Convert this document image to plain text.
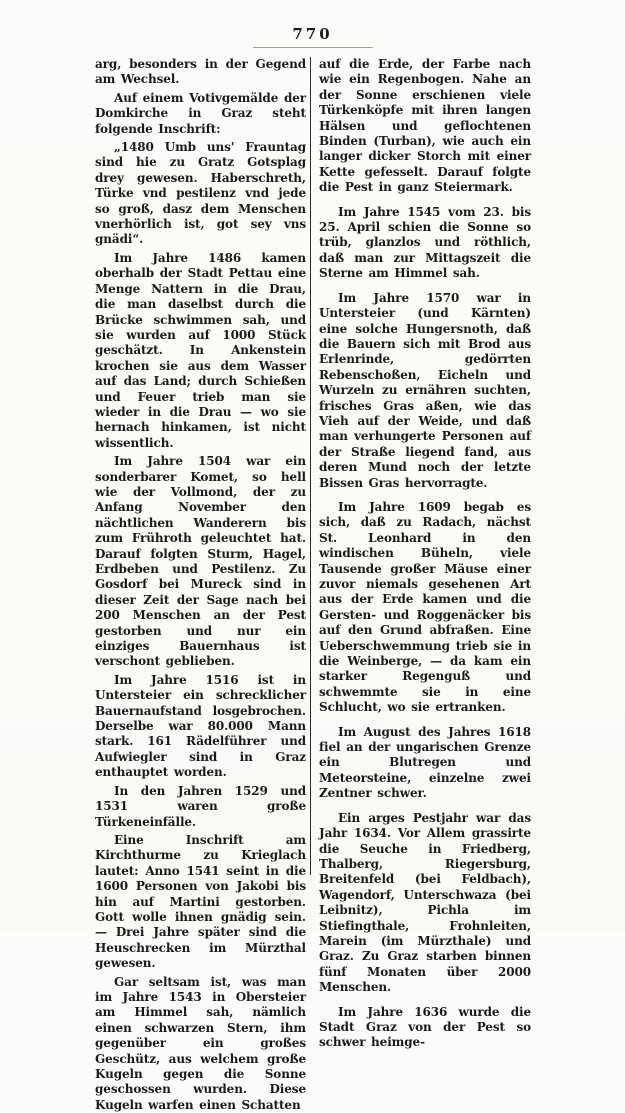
770

arg, besonders in der Gegend am Wechsel.

Auf einem Votivgemälde der Domkirche in Graz steht folgende Inschrift:

„1480 Umb uns' Frauntag sind hie zu Gratz Gotsplag drey gewesen. Haberschreth, Türke vnd pestilenz vnd jede so groß, dasz dem Menschen vnerhörlich ist, got sey vns gnädi“.

Im Jahre 1486 kamen oberhalb der Stadt Pettau eine Menge Nattern in die Drau, die man daselbst durch die Brücke schwimmen sah, und sie wurden auf 1000 Stück geschätzt. In Ankenstein krochen sie aus dem Wasser auf das Land; durch Schießen und Feuer trieb man sie wieder in die Drau — wo sie hernach hinkamen, ist nicht wissentlich.

Im Jahre 1504 war ein sonderbarer Komet, so hell wie der Vollmond, der zu Anfang November den nächtlichen Wanderern bis zum Frühroth geleuchtet hat. Darauf folgten Sturm, Hagel, Erdbeben und Pestilenz. Zu Gosdorf bei Mureck sind in dieser Zeit der Sage nach bei 200 Menschen an der Pest gestorben und nur ein einziges Bauernhaus ist verschont geblieben.

Im Jahre 1516 ist in Untersteier ein schrecklicher Bauernaufstand losgebrochen. Derselbe war 80.000 Mann stark. 161 Rädelführer und Aufwiegler sind in Graz enthauptet worden.

In den Jahren 1529 und 1531 waren große Türkeneinfälle.

Eine Inschrift am Kirchthurme zu Krieglach lautet: Anno 1541 seint in die 1600 Personen von Jakobi bis hin auf Martini gestorben. Gott wolle ihnen gnädig sein. — Drei Jahre später sind die Heuschrecken im Mürzthal gewesen.

Gar seltsam ist, was man im Jahre 1543 in Obersteier am Himmel sah, nämlich einen schwarzen Stern, ihm gegenüber ein großes Geschütz, aus welchem große Kugeln gegen die Sonne geschossen wurden. Diese Kugeln warfen einen Schatten

auf die Erde, der Farbe nach wie ein Regenbogen. Nahe an der Sonne erschienen viele Türkenköpfe mit ihren langen Hälsen und geflochtenen Binden (Turban), wie auch ein langer dicker Storch mit einer Kette gefesselt. Darauf folgte die Pest in ganz Steiermark.

Im Jahre 1545 vom 23. bis 25. April schien die Sonne so trüb, glanzlos und röthlich, daß man zur Mittagszeit die Sterne am Himmel sah.

Im Jahre 1570 war in Untersteier (und Kärnten) eine solche Hungersnoth, daß die Bauern sich mit Brod aus Erlenrinde, gedörrten Rebenschoßen, Eicheln und Wurzeln zu ernähren suchten, frisches Gras aßen, wie das Vieh auf der Weide, und daß man verhungerte Personen auf der Straße liegend fand, aus deren Mund noch der letzte Bissen Gras hervorragte.

Im Jahre 1609 begab es sich, daß zu Radach, nächst St. Leonhard in den windischen Büheln, viele Tausende großer Mäuse einer zuvor niemals gesehenen Art aus der Erde kamen und die Gersten- und Roggenäcker bis auf den Grund abfraßen. Eine Ueberschwemmung trieb sie in die Weinberge, — da kam ein starker Regenguß und schwemmte sie in eine Schlucht, wo sie ertranken.

Im August des Jahres 1618 fiel an der ungarischen Grenze ein Blutregen und Meteorsteine, einzelne zwei Zentner schwer.

Ein arges Pestjahr war das Jahr 1634. Vor Allem grassirte die Seuche in Friedberg, Thalberg, Riegersburg, Breitenfeld (bei Feldbach), Wagendorf, Unterschwaza (bei Leibnitz), Pichla im Stiefingthale, Frohnleiten, Marein (im Mürzthale) und Graz. Zu Graz starben binnen fünf Monaten über 2000 Menschen.

Im Jahre 1636 wurde die Stadt Graz von der Pest so schwer heimge-
